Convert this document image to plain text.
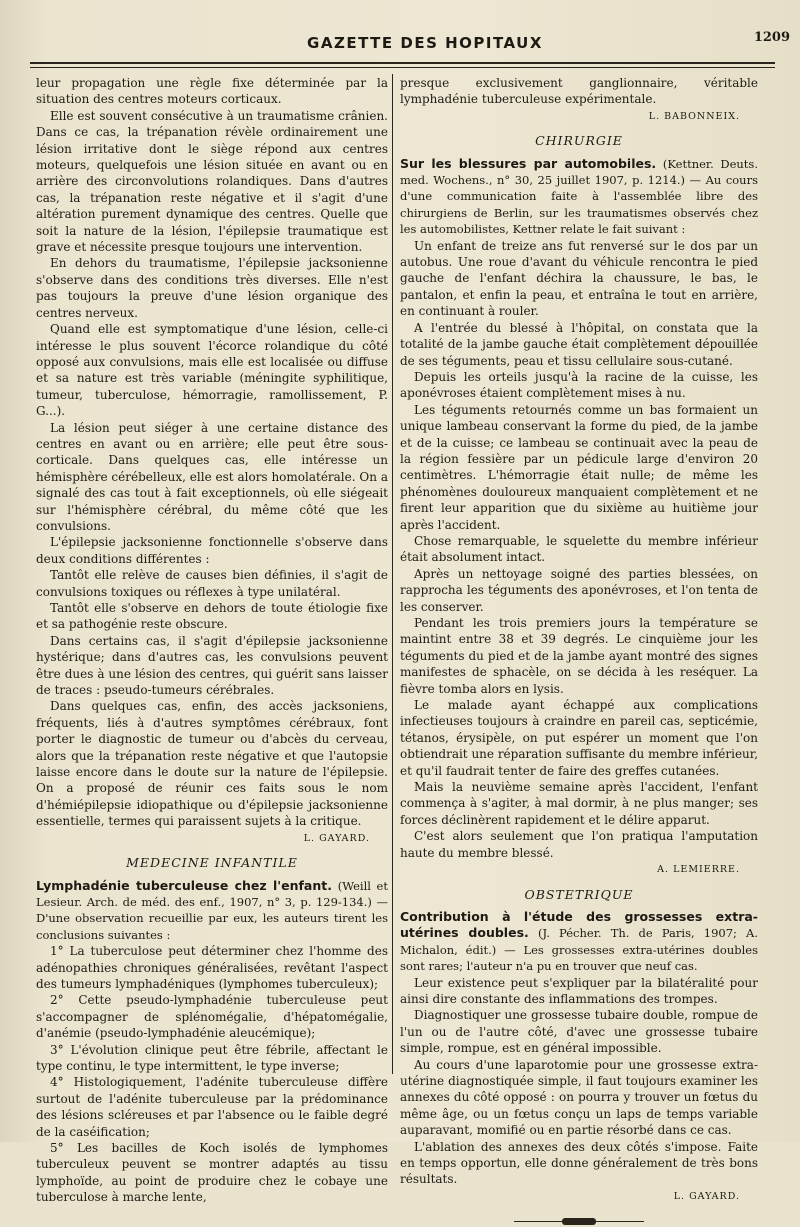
GAZETTE DES HOPITAUX	1209

leur propagation une règle fixe déterminée par la situation des centres moteurs corticaux.

Elle est souvent consécutive à un traumatisme crânien. Dans ce cas, la trépanation révèle ordinairement une lésion irritative dont le siège répond aux centres moteurs, quelquefois une lésion située en avant ou en arrière des circonvolutions rolandiques. Dans d'autres cas, la trépanation reste négative et il s'agit d'une altération purement dynamique des centres. Quelle que soit la nature de la lésion, l'épilepsie traumatique est grave et nécessite presque toujours une intervention.

En dehors du traumatisme, l'épilepsie jacksonienne s'observe dans des conditions très diverses. Elle n'est pas toujours la preuve d'une lésion organique des centres nerveux.

Quand elle est symptomatique d'une lésion, celle-ci intéresse le plus souvent l'écorce rolandique du côté opposé aux convulsions, mais elle est localisée ou diffuse et sa nature est très variable (méningite syphilitique, tumeur, tuberculose, hémorragie, ramollissement, P. G...).

La lésion peut siéger à une certaine distance des centres en avant ou en arrière; elle peut être sous-corticale. Dans quelques cas, elle intéresse un hémisphère cérébelleux, elle est alors homolatérale. On a signalé des cas tout à fait exceptionnels, où elle siégeait sur l'hémisphère cérébral, du même côté que les convulsions.

L'épilepsie jacksonienne fonctionnelle s'observe dans deux conditions différentes :

Tantôt elle relève de causes bien définies, il s'agit de convulsions toxiques ou réflexes à type unilatéral.

Tantôt elle s'observe en dehors de toute étiologie fixe et sa pathogénie reste obscure.

Dans certains cas, il s'agit d'épilepsie jacksonienne hystérique; dans d'autres cas, les convulsions peuvent être dues à une lésion des centres, qui guérit sans laisser de traces : pseudo-tumeurs cérébrales.

Dans quelques cas, enfin, des accès jacksoniens, fréquents, liés à d'autres symptômes cérébraux, font porter le diagnostic de tumeur ou d'abcès du cerveau, alors que la trépanation reste négative et que l'autopsie laisse encore dans le doute sur la nature de l'épilepsie. On a proposé de réunir ces faits sous le nom d'hémiépilepsie idiopathique ou d'épilepsie jacksonienne essentielle, termes qui paraissent sujets à la critique.

L. GAYARD.
MEDECINE INFANTILE

Lymphadénie tuberculeuse chez l'enfant. (Weill et Lesieur. Arch. de méd. des enf., 1907, n° 3, p. 129-134.) — D'une observation recueillie par eux, les auteurs tirent les conclusions suivantes :

1° La tuberculose peut déterminer chez l'homme des adénopathies chroniques généralisées, revêtant l'aspect des tumeurs lymphadéniques (lymphomes tuberculeux);

2° Cette pseudo-lymphadénie tuberculeuse peut s'accompagner de splénomégalie, d'hépatomégalie, d'anémie (pseudo-lymphadénie aleucémique);

3° L'évolution clinique peut être fébrile, affectant le type continu, le type intermittent, le type inverse;

4° Histologiquement, l'adénite tuberculeuse diffère surtout de l'adénite tuberculeuse par la prédominance des lésions scléreuses et par l'absence ou le faible degré de la caséification;

5° Les bacilles de Koch isolés de lymphomes tuberculeux peuvent se montrer adaptés au tissu lymphoïde, au point de produire chez le cobaye une tuberculose à marche lente,

presque exclusivement ganglionnaire, véritable lymphadénie tuberculeuse expérimentale.

L. BABONNEIX.
CHIRURGIE

Sur les blessures par automobiles. (Kettner. Deuts. med. Wochens., n° 30, 25 juillet 1907, p. 1214.) — Au cours d'une communication faite à l'assemblée libre des chirurgiens de Berlin, sur les traumatismes observés chez les automobilistes, Kettner relate le fait suivant :

Un enfant de treize ans fut renversé sur le dos par un autobus. Une roue d'avant du véhicule rencontra le pied gauche de l'enfant déchira la chaussure, le bas, le pantalon, et enfin la peau, et entraîna le tout en arrière, en continuant à rouler.

A l'entrée du blessé à l'hôpital, on constata que la totalité de la jambe gauche était complètement dépouillée de ses téguments, peau et tissu cellulaire sous-cutané.

Depuis les orteils jusqu'à la racine de la cuisse, les aponévroses étaient complètement mises à nu.

Les téguments retournés comme un bas formaient un unique lambeau conservant la forme du pied, de la jambe et de la cuisse; ce lambeau se continuait avec la peau de la région fessière par un pédicule large d'environ 20 centimètres. L'hémorragie était nulle; de même les phénomènes douloureux manquaient complètement et ne firent leur apparition que du sixième au huitième jour après l'accident.

Chose remarquable, le squelette du membre inférieur était absolument intact.

Après un nettoyage soigné des parties blessées, on rapprocha les téguments des aponévroses, et l'on tenta de les conserver.

Pendant les trois premiers jours la température se maintint entre 38 et 39 degrés. Le cinquième jour les téguments du pied et de la jambe ayant montré des signes manifestes de sphacèle, on se décida à les reséquer. La fièvre tomba alors en lysis.

Le malade ayant échappé aux complications infectieuses toujours à craindre en pareil cas, septicémie, tétanos, érysipèle, on put espérer un moment que l'on obtiendrait une réparation suffisante du membre inférieur, et qu'il faudrait tenter de faire des greffes cutanées.

Mais la neuvième semaine après l'accident, l'enfant commença à s'agiter, à mal dormir, à ne plus manger; ses forces déclinèrent rapidement et le délire apparut.

C'est alors seulement que l'on pratiqua l'amputation haute du membre blessé.

A. LEMIERRE.
OBSTETRIQUE

Contribution à l'étude des grossesses extra-utérines doubles. (J. Pécher. Th. de Paris, 1907; A. Michalon, édit.) — Les grossesses extra-utérines doubles sont rares; l'auteur n'a pu en trouver que neuf cas.

Leur existence peut s'expliquer par la bilatéralité pour ainsi dire constante des inflammations des trompes.

Diagnostiquer une grossesse tubaire double, rompue de l'un ou de l'autre côté, d'avec une grossesse tubaire simple, rompue, est en général impossible.

Au cours d'une laparotomie pour une grossesse extra-utérine diagnostiquée simple, il faut toujours examiner les annexes du côté opposé : on pourra y trouver un fœtus du même âge, ou un fœtus conçu un laps de temps variable auparavant, momifié ou en partie résorbé dans ce cas.

L'ablation des annexes des deux côtés s'impose. Faite en temps opportun, elle donne généralement de très bons résultats.

L. GAYARD.
